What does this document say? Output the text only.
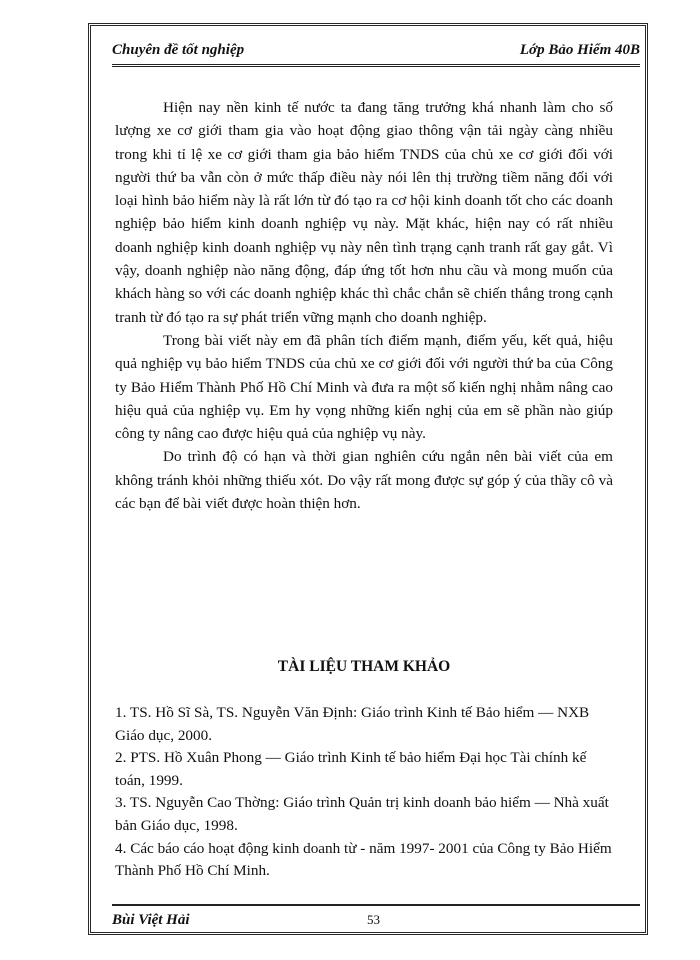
Chuyên đề tốt nghiệp	Lớp Bảo Hiểm 40B

Hiện nay nền kinh tế nước ta đang tăng trưởng khá nhanh làm cho số lượng xe cơ giới tham gia vào hoạt động giao thông vận tải ngày càng nhiều trong khi tỉ lệ xe cơ giới tham gia bảo hiểm TNDS của chủ xe cơ giới đối với người thứ ba vẫn còn ở mức thấp điều này nói lên thị trường tiềm năng đối với loại hình bảo hiểm này là rất lớn từ đó tạo ra cơ hội kinh doanh tốt cho các doanh nghiệp bảo hiểm kinh doanh nghiệp vụ này. Mặt khác, hiện nay có rất nhiều doanh nghiệp kinh doanh nghiệp vụ này nên tình trạng cạnh tranh rất gay gắt. Vì vậy, doanh nghiệp nào năng động, đáp ứng tốt hơn nhu cầu và mong muốn của khách hàng so với các doanh nghiệp khác thì chắc chắn sẽ chiến thắng trong cạnh tranh từ đó tạo ra sự phát triển vững mạnh cho doanh nghiệp.

Trong bài viết này em đã phân tích điểm mạnh, điểm yếu, kết quả, hiệu quả nghiệp vụ bảo hiểm TNDS của chủ xe cơ giới đối với người thứ ba của Công ty Bảo Hiểm Thành Phố Hồ Chí Minh và đưa ra một số kiến nghị nhằm nâng cao hiệu quả của nghiệp vụ. Em hy vọng những kiến nghị của em sẽ phần nào giúp công ty nâng cao được hiệu quả của nghiệp vụ này.

Do trình độ có hạn và thời gian nghiên cứu ngắn nên bài viết của em không tránh khỏi những thiếu xót. Do vậy rất mong được sự góp ý của thầy cô và các bạn để bài viết được hoàn thiện hơn.

TÀI LIỆU THAM KHẢO

1. TS. Hồ Sĩ Sà, TS. Nguyễn Văn Định: Giáo trình Kinh tế Bảo hiểm — NXB Giáo dục, 2000.

2. PTS. Hồ Xuân Phong — Giáo trình Kinh tế bảo hiểm Đại học Tài chính kế toán, 1999.

3. TS. Nguyễn Cao Thờng: Giáo trình Quản trị kinh doanh bảo hiểm — Nhà xuất bản Giáo dục, 1998.

4. Các báo cáo hoạt động kinh doanh từ - năm 1997- 2001 của Công ty Bảo Hiểm Thành Phố Hồ Chí Minh.

Bùi Việt Hải	53
